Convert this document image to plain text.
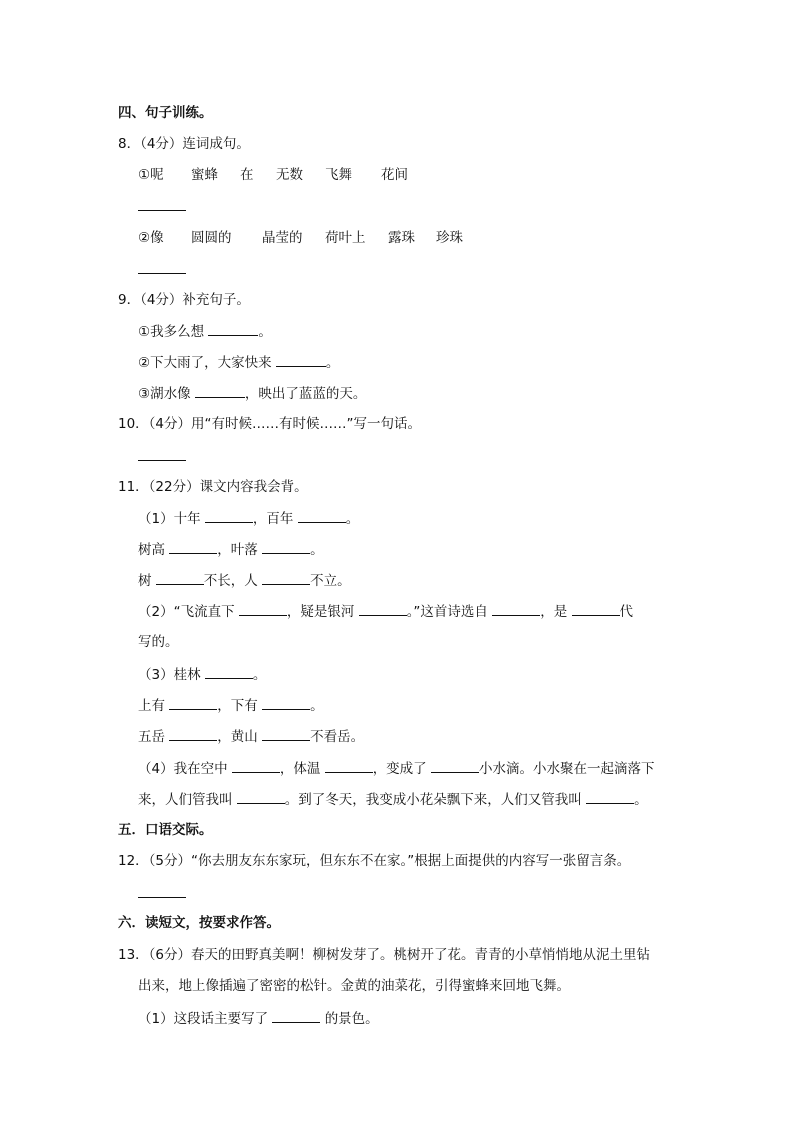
四、句子训练。
8．（4分）连词成句。
①呢 蜜蜂 在 无数 飞舞 花间
②像 圆圆的 晶莹的 荷叶上 露珠 珍珠
9．（4分）补充句子。
①我多么想	。
②下大雨了，大家快来	。
③湖水像	，映出了蓝蓝的天。
10．（4分）用“有时候……有时候……”写一句话。
11．（22分）课文内容我会背。
（1）十年	，百年	。
树高	，叶落	。
树	不长，人	不立。
（2）“飞流直下	，疑是银河	。”这首诗选自	，是	代
写的。
（3）桂林	。
上有	，下有	。
五岳	，黄山	不看岳。
（4）我在空中	，体温	，变成了	小水滴。小水聚在一起滴落下
来，人们管我叫	。到了冬天，我变成小花朵飘下来，人们又管我叫	。
五．口语交际。
12．（5分）“你去朋友东东家玩，但东东不在家。”根据上面提供的内容写一张留言条。
六．读短文，按要求作答。
13．（6分）春天的田野真美啊！柳树发芽了。桃树开了花。青青的小草悄悄地从泥土里钻
出来，地上像插遍了密密的松针。金黄的油菜花，引得蜜蜂来回地飞舞。
（1）这段话主要写了	的景色。
